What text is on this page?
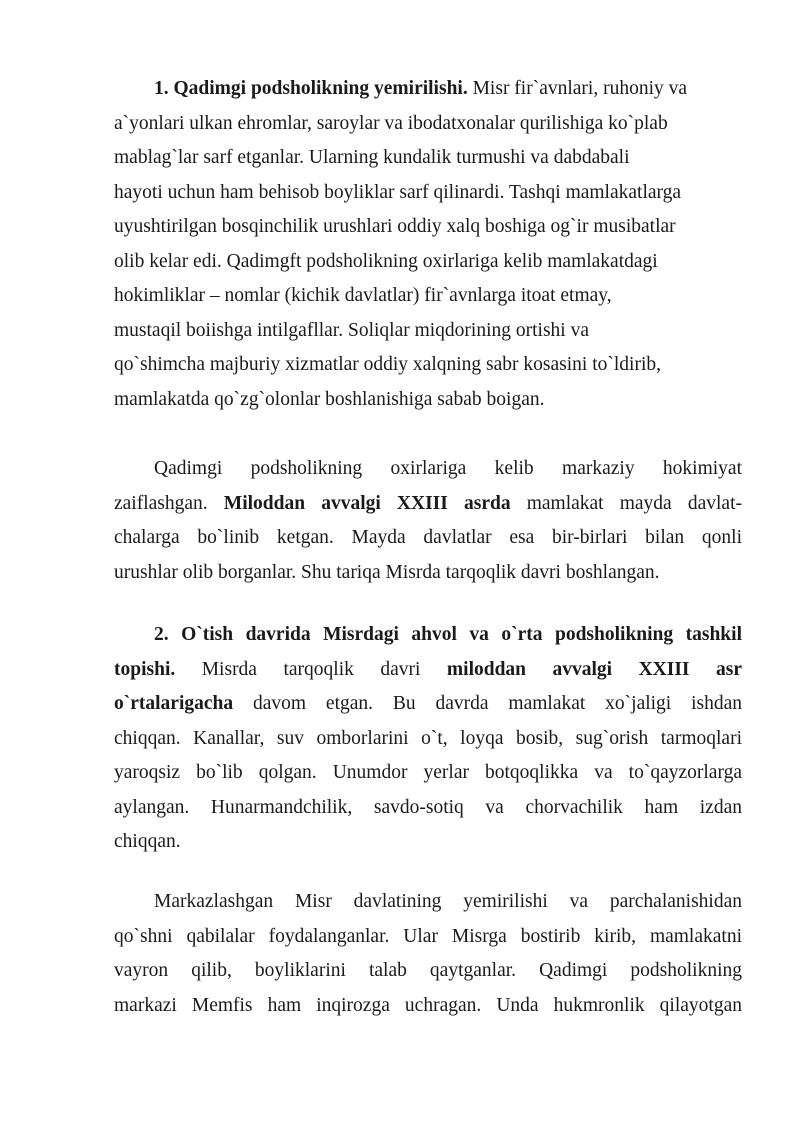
1. Qadimgi podsholikning yemirilishi. Misr fir`avnlari, ruhoniy va
a`yonlari ulkan ehromlar, saroylar va ibodatxonalar qurilishiga ko`plab
mablag`lar sarf etganlar. Ularning kundalik turmushi va dabdabali
hayoti uchun ham behisob boyliklar sarf qilinardi. Tashqi mamlakatlarga
uyushtirilgan bosqinchilik urushlari oddiy xalq boshiga og`ir musibatlar
olib kelar edi. Qadimgft podsholikning oxirlariga kelib mamlakatdagi
hokimliklar – nomlar (kichik davlatlar) fir`avnlarga itoat etmay,
mustaqil boiishga intilgafllar. Soliqlar miqdorining ortishi va
qo`shimcha majburiy xizmatlar oddiy xalqning sabr kosasini to`ldirib,
mamlakatda qo`zg`olonlar boshlanishiga sabab boigan.
Qadimgi podsholikning oxirlariga kelib markaziy hokimiyat
zaiflashgan. Miloddan avvalgi XXIII asrda mamlakat mayda davlat-
chalarga bo`linib ketgan. Mayda davlatlar esa bir-birlari bilan qonli
urushlar olib borganlar. Shu tariqa Misrda tarqoqlik davri boshlangan.
2. O`tish davrida Misrdagi ahvol va o`rta podsholikning tashkil
topishi. Misrda tarqoqlik davri miloddan avvalgi XXIII asr
o`rtalarigacha davom etgan. Bu davrda mamlakat xo`jaligi ishdan
chiqqan. Kanallar, suv omborlarini o`t, loyqa bosib, sug`orish tarmoqlari
yaroqsiz bo`lib qolgan. Unumdor yerlar botqoqlikka va to`qayzorlarga
aylangan. Hunarmandchilik, savdo-sotiq va chorvachilik ham izdan
chiqqan.
Markazlashgan Misr davlatining yemirilishi va parchalanishidan
qo`shni qabilalar foydalanganlar. Ular Misrga bostirib kirib, mamlakatni
vayron qilib, boyliklarini talab qaytganlar. Qadimgi podsholikning
markazi Memfis ham inqirozga uchragan. Unda hukmronlik qilayotgan
